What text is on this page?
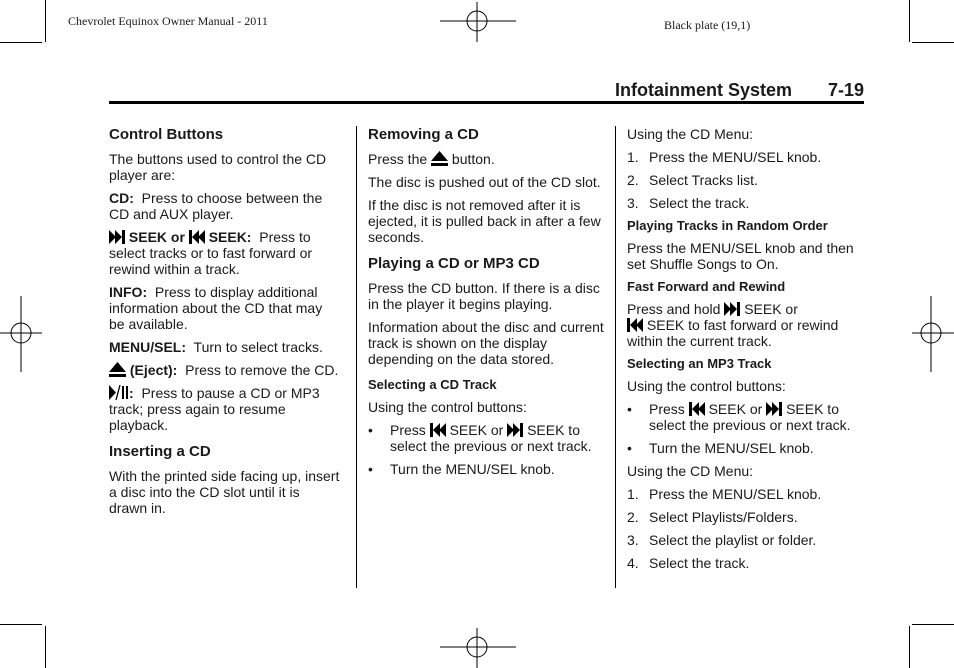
Chevrolet Equinox Owner Manual - 2011	Black plate (19,1)
Infotainment System 7-19
Control Buttons

The buttons used to control the CD player are:

CD: Press to choose between the CD and AUX player.

SEEK or SEEK: Press to select tracks or to fast forward or rewind within a track.

INFO: Press to display additional information about the CD that may be available.

MENU/SEL: Turn to select tracks.

(Eject): Press to remove the CD.

: Press to pause a CD or MP3 track; press again to resume playback.

Inserting a CD

With the printed side facing up, insert a disc into the CD slot until it is drawn in.

Removing a CD

Press the button.

The disc is pushed out of the CD slot.

If the disc is not removed after it is ejected, it is pulled back in after a few seconds.

Playing a CD or MP3 CD

Press the CD button. If there is a disc in the player it begins playing.

Information about the disc and current track is shown on the display depending on the data stored.

Selecting a CD Track

Using the control buttons:

•	Press SEEK or SEEK to select the previous or next track.
•	Turn the MENU/SEL knob.

Using the CD Menu:

1. Press the MENU/SEL knob.
2. Select Tracks list.
3. Select the track.
Playing Tracks in Random Order

Press the MENU/SEL knob and then set Shuffle Songs to On.

Fast Forward and Rewind

Press and hold SEEK or
SEEK to fast forward or rewind within the current track.

Selecting an MP3 Track

Using the control buttons:

•	Press SEEK or SEEK to select the previous or next track.
•	Turn the MENU/SEL knob.

Using the CD Menu:

1. Press the MENU/SEL knob.
2. Select Playlists/Folders.
3. Select the playlist or folder.
4. Select the track.
